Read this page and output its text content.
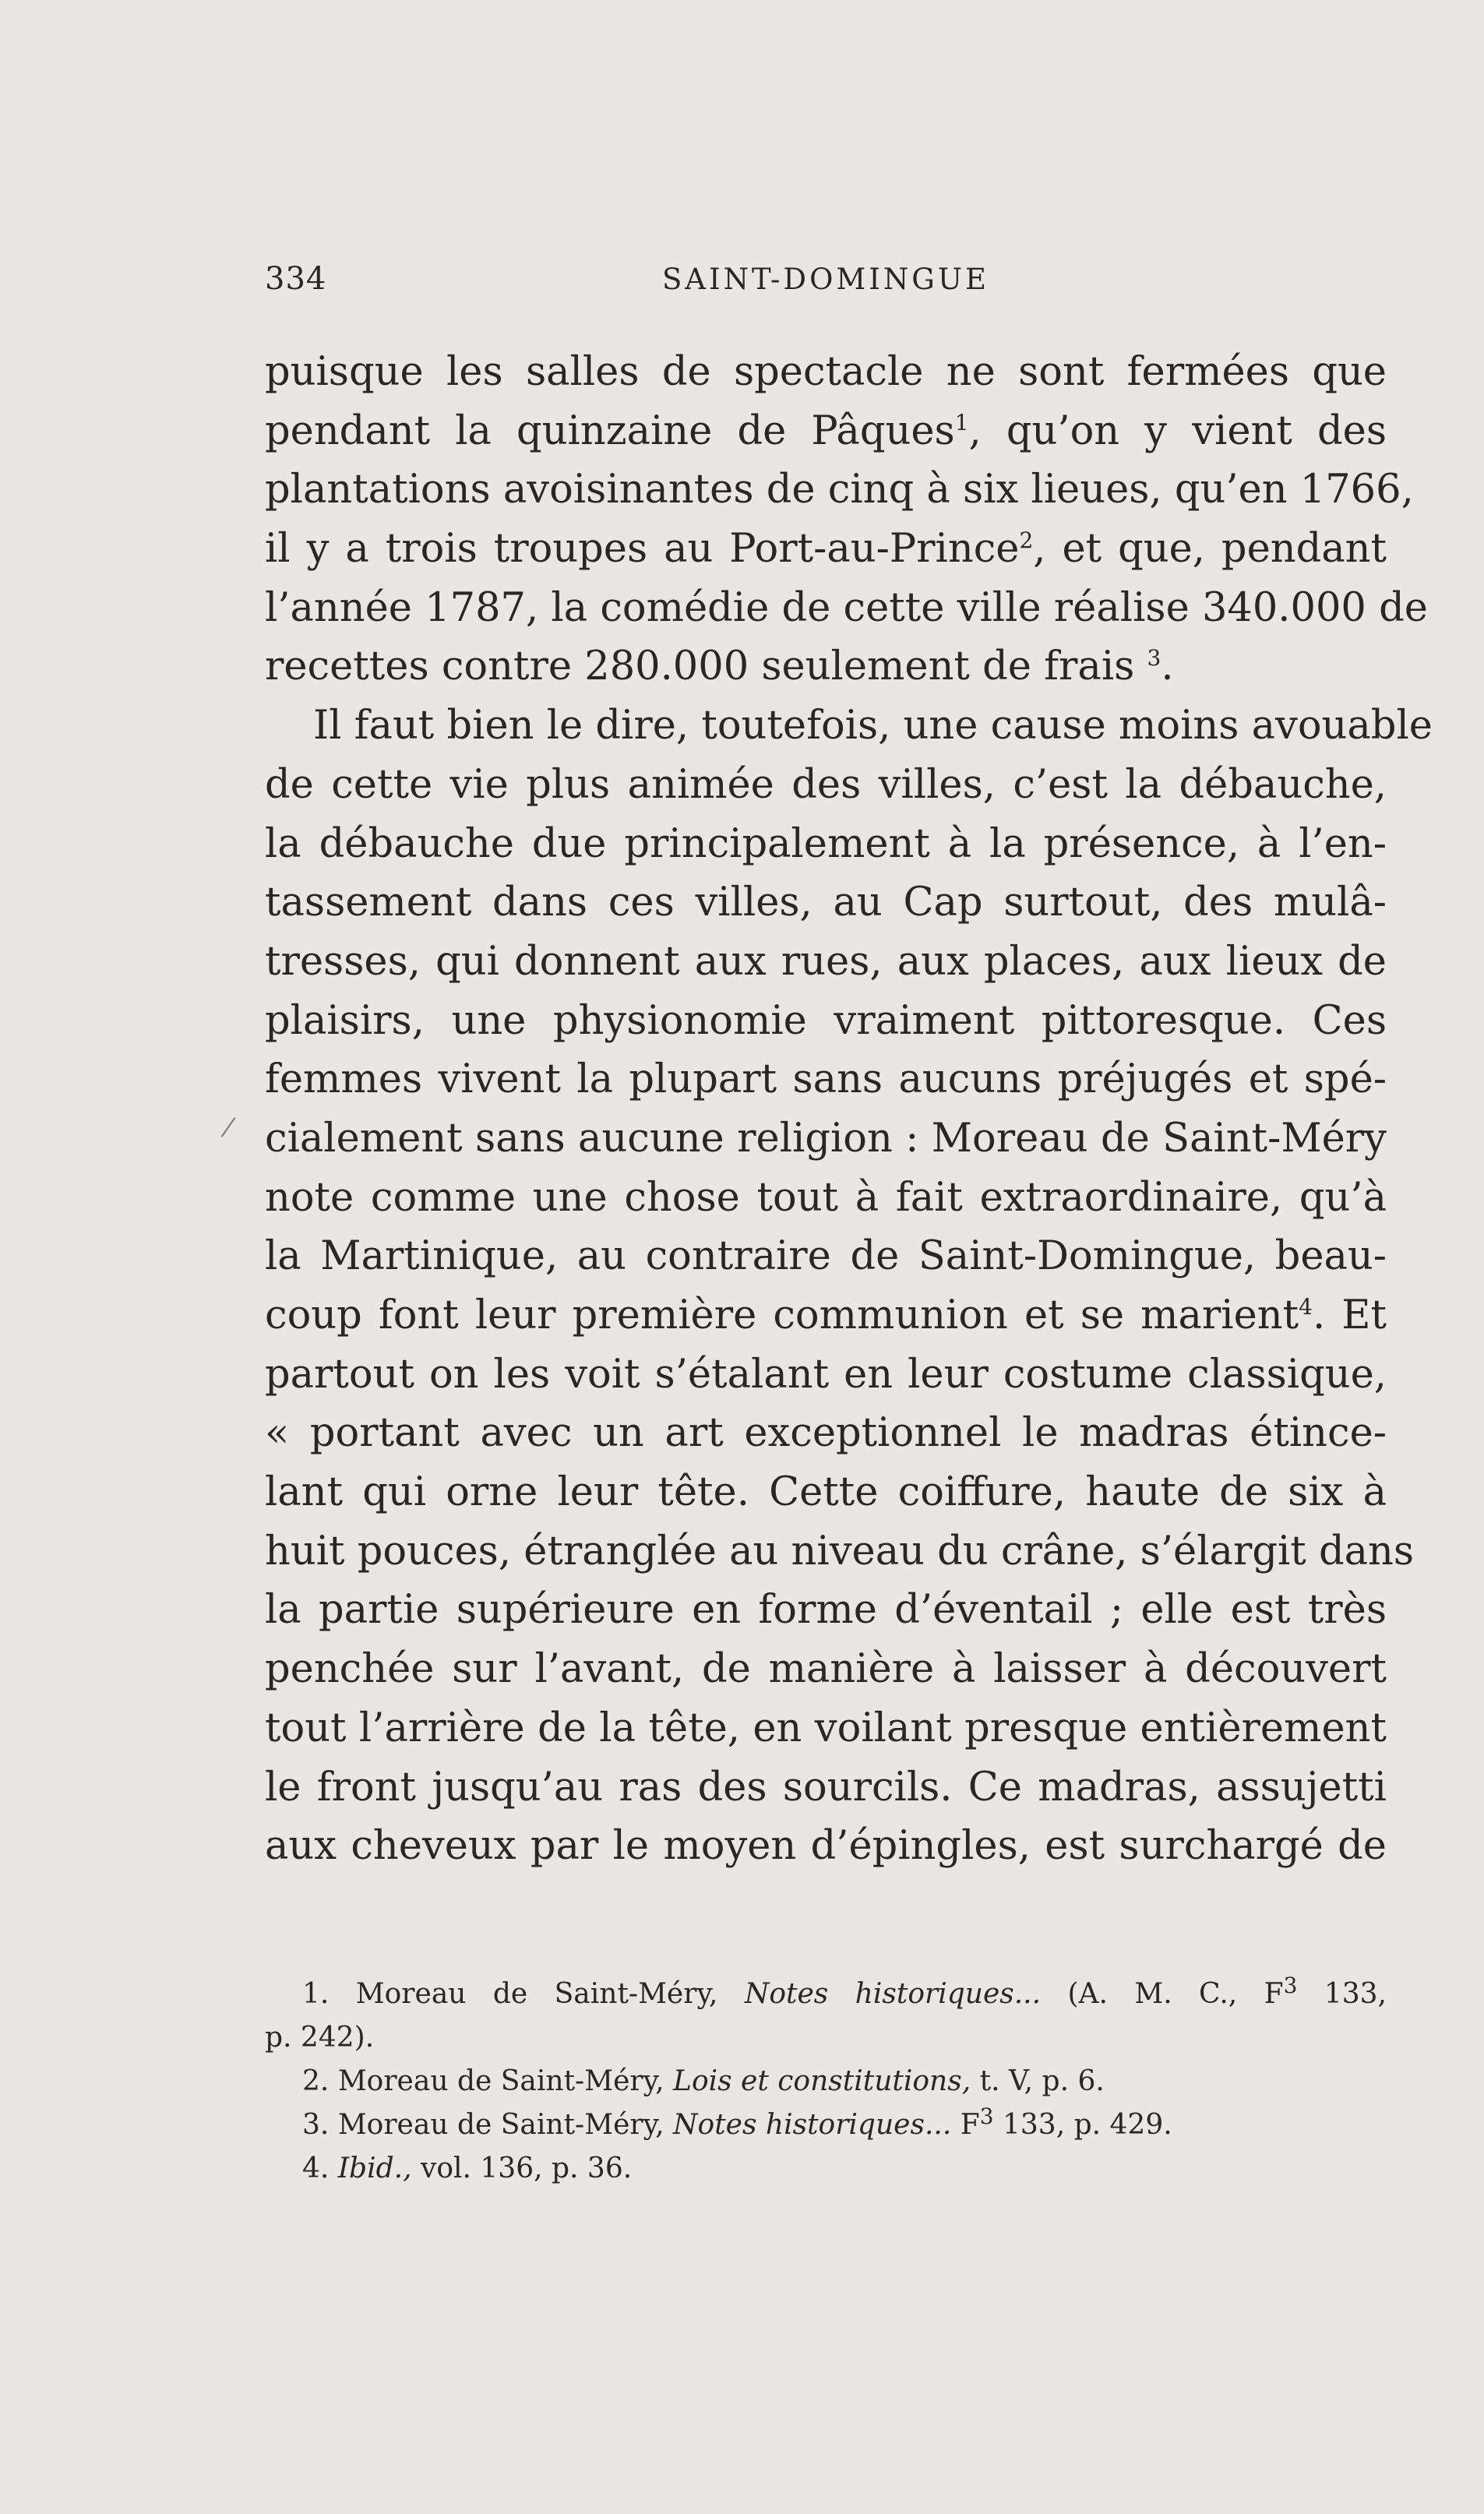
334	SAINT-DOMINGUE
puisque les salles de spectacle ne sont fermées que
pendant la quinzaine de Pâques$^1$, qu’on y vient des
plantations avoisinantes de cinq à six lieues, qu’en 1766,
il y a trois troupes au Port-au-Prince$^2$, et que, pendant
l’année 1787, la comédie de cette ville réalise 340.000 de
recettes contre 280.000 seulement de frais $^3$.
Il faut bien le dire, toutefois, une cause moins avouable
de cette vie plus animée des villes, c’est la débauche,
la débauche due principalement à la présence, à l’en-
tassement dans ces villes, au Cap surtout, des mulâ-
tresses, qui donnent aux rues, aux places, aux lieux de
plaisirs, une physionomie vraiment pittoresque. Ces
femmes vivent la plupart sans aucuns préjugés et spé-
cialement sans aucune religion : Moreau de Saint-Méry
note comme une chose tout à fait extraordinaire, qu’à
la Martinique, au contraire de Saint-Domingue, beau-
coup font leur première communion et se marient$^4$. Et
partout on les voit s’étalant en leur costume classique,
« portant avec un art exceptionnel le madras étince-
lant qui orne leur tête. Cette coiffure, haute de six à
huit pouces, étranglée au niveau du crâne, s’élargit dans
la partie supérieure en forme d’éventail ; elle est très
penchée sur l’avant, de manière à laisser à découvert
tout l’arrière de la tête, en voilant presque entièrement
le front jusqu’au ras des sourcils. Ce madras, assujetti
aux cheveux par le moyen d’épingles, est surchargé de
1. Moreau de Saint-Méry, Notes historiques... (A. M. C., $F^3$ 133,
p. 242).
2. Moreau de Saint-Méry, Lois et constitutions, t. V, p. 6.
3. Moreau de Saint-Méry, Notes historiques... $F^3$ 133, p. 429.
4. Ibid., vol. 136, p. 36.
